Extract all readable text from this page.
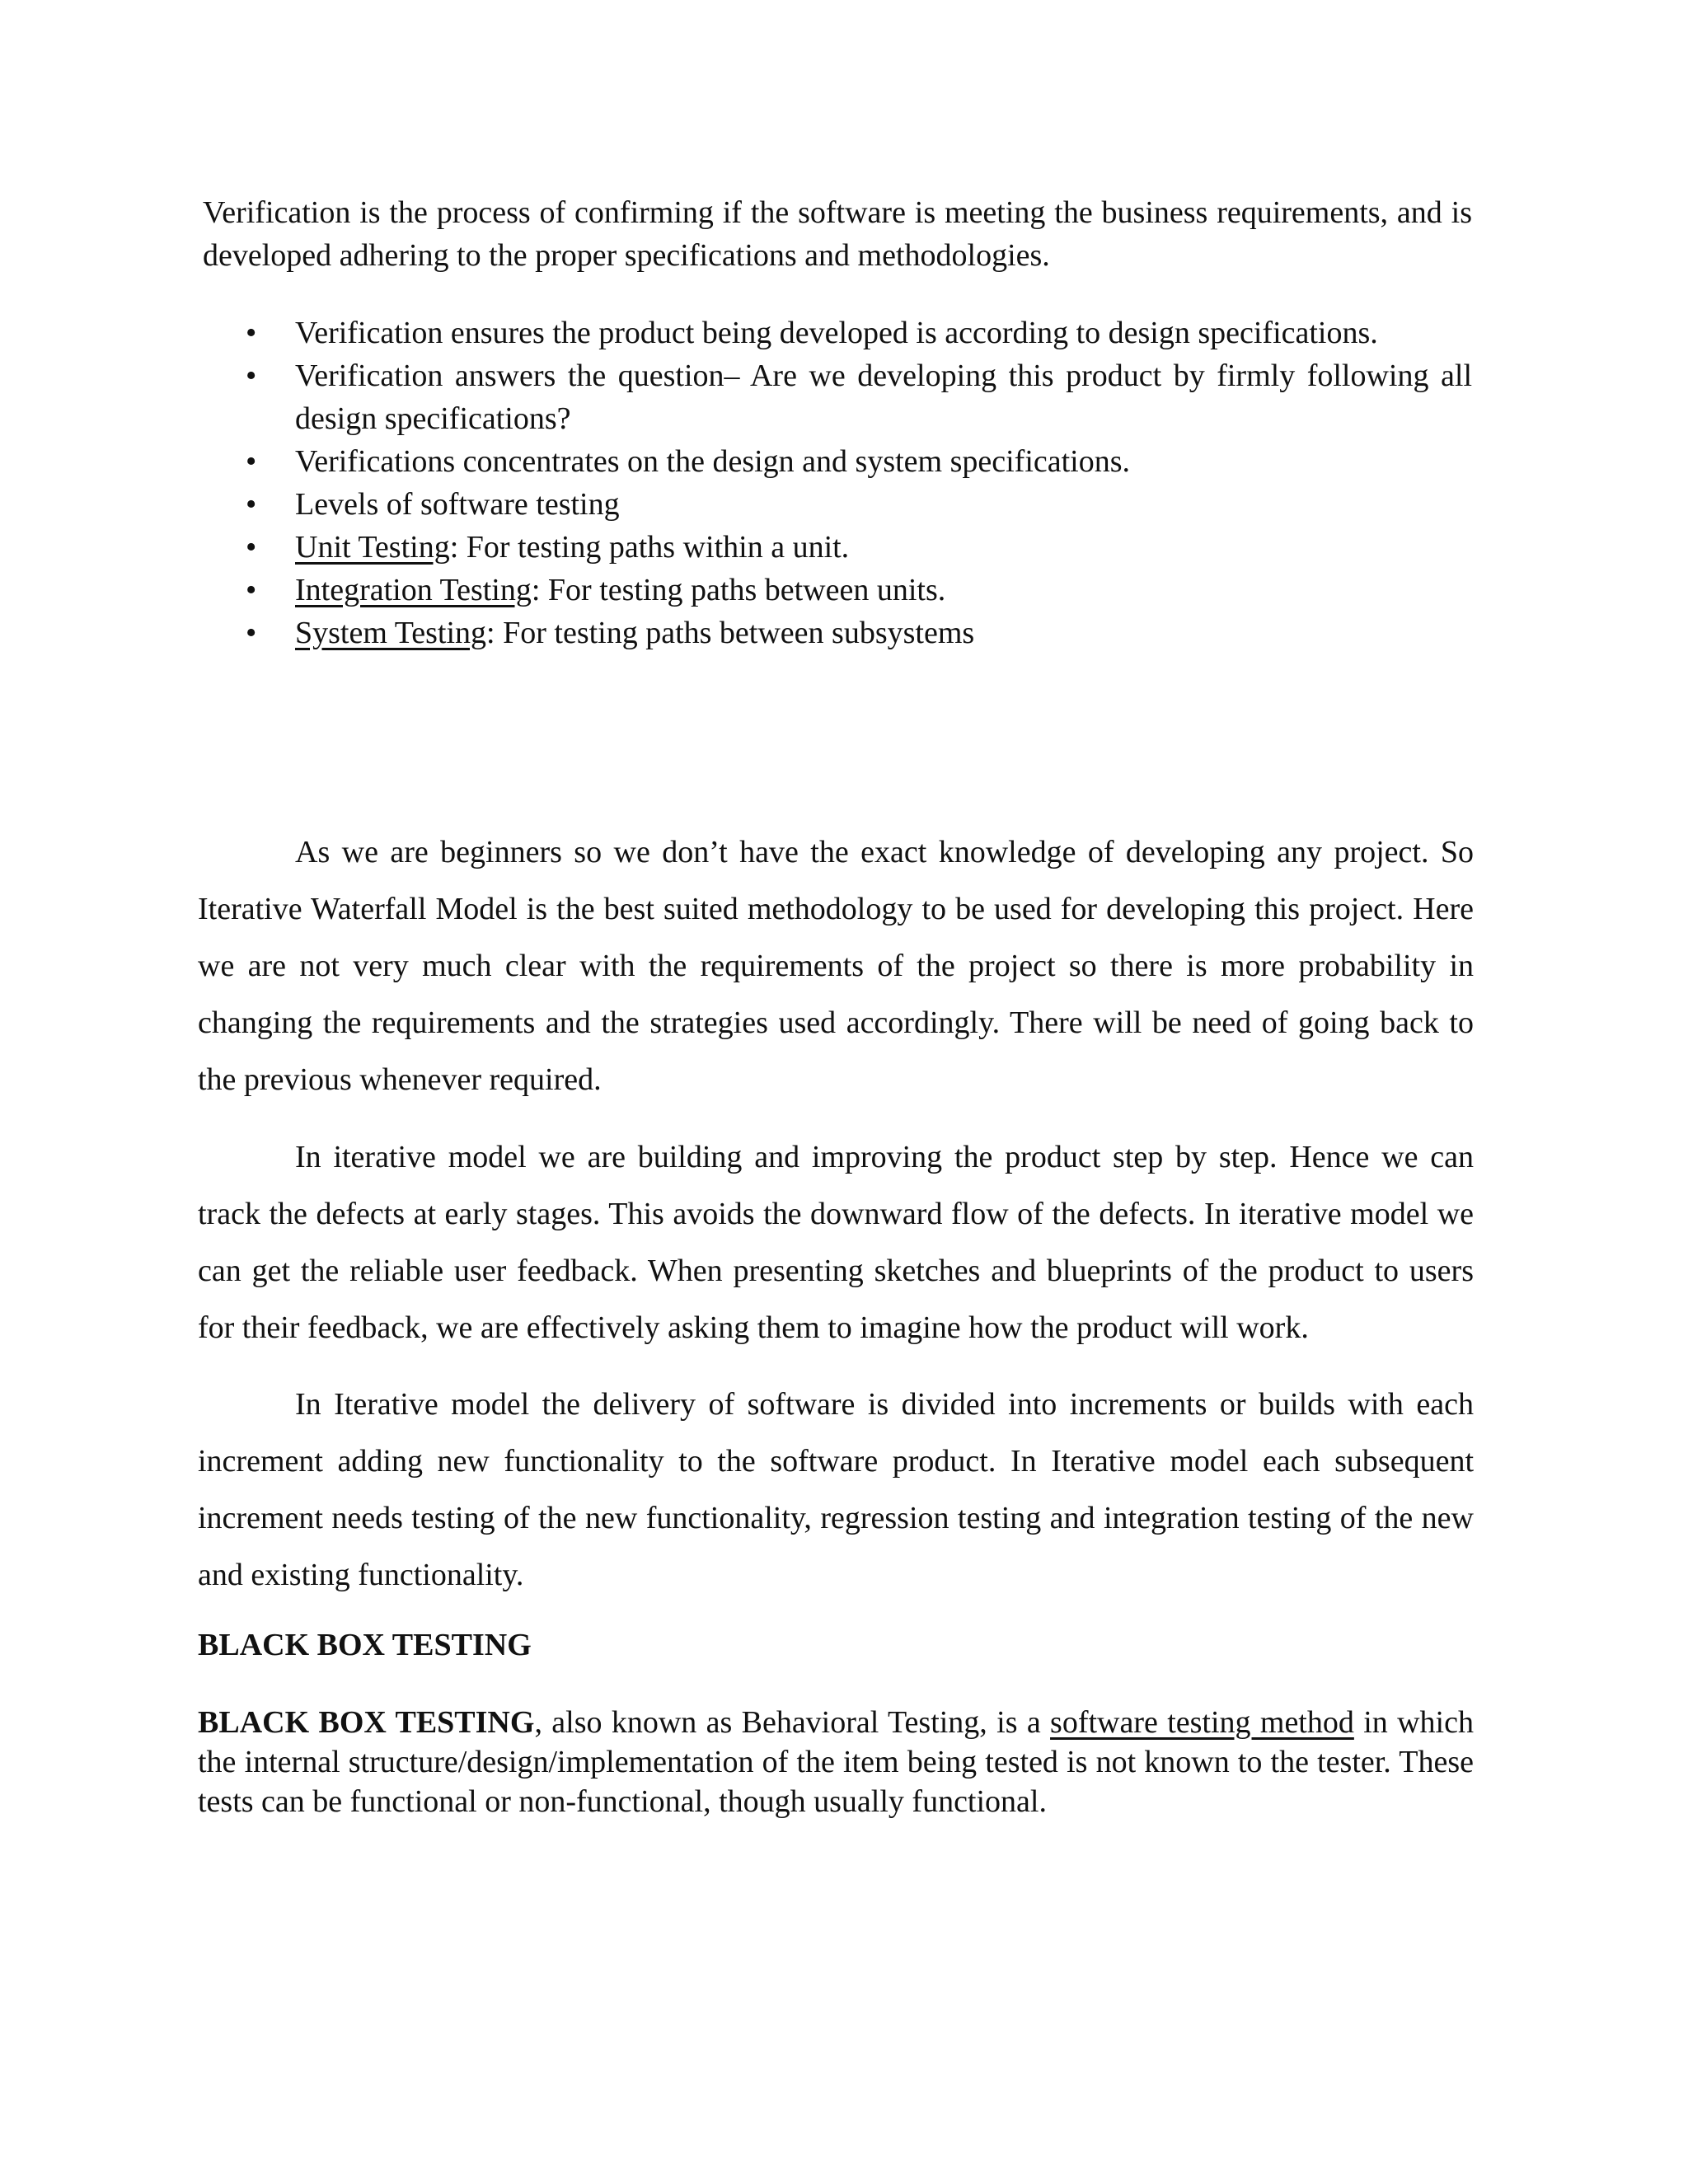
Verification is the process of confirming if the software is meeting the business requirements, and is developed adhering to the proper specifications and methodologies.

• Verification ensures the product being developed is according to design specifications.
• Verification answers the question– Are we developing this product by firmly following all design specifications?
• Verifications concentrates on the design and system specifications.
• Levels of software testing
• Unit Testing: For testing paths within a unit.
• Integration Testing: For testing paths between units.
• System Testing: For testing paths between subsystems

As we are beginners so we don’t have the exact knowledge of developing any project. So Iterative Waterfall Model is the best suited methodology to be used for developing this project. Here we are not very much clear with the requirements of the project so there is more probability in changing the requirements and the strategies used accordingly. There will be need of going back to the previous whenever required.

In iterative model we are building and improving the product step by step. Hence we can track the defects at early stages. This avoids the downward flow of the defects. In iterative model we can get the reliable user feedback. When presenting sketches and blueprints of the product to users for their feedback, we are effectively asking them to imagine how the product will work.

In Iterative model the delivery of software is divided into increments or builds with each increment adding new functionality to the software product. In Iterative model each subsequent increment needs testing of the new functionality, regression testing and integration testing of the new and existing functionality.

BLACK BOX TESTING

BLACK BOX TESTING, also known as Behavioral Testing, is a software testing method in which the internal structure/design/implementation of the item being tested is not known to the tester. These tests can be functional or non-functional, though usually functional.
